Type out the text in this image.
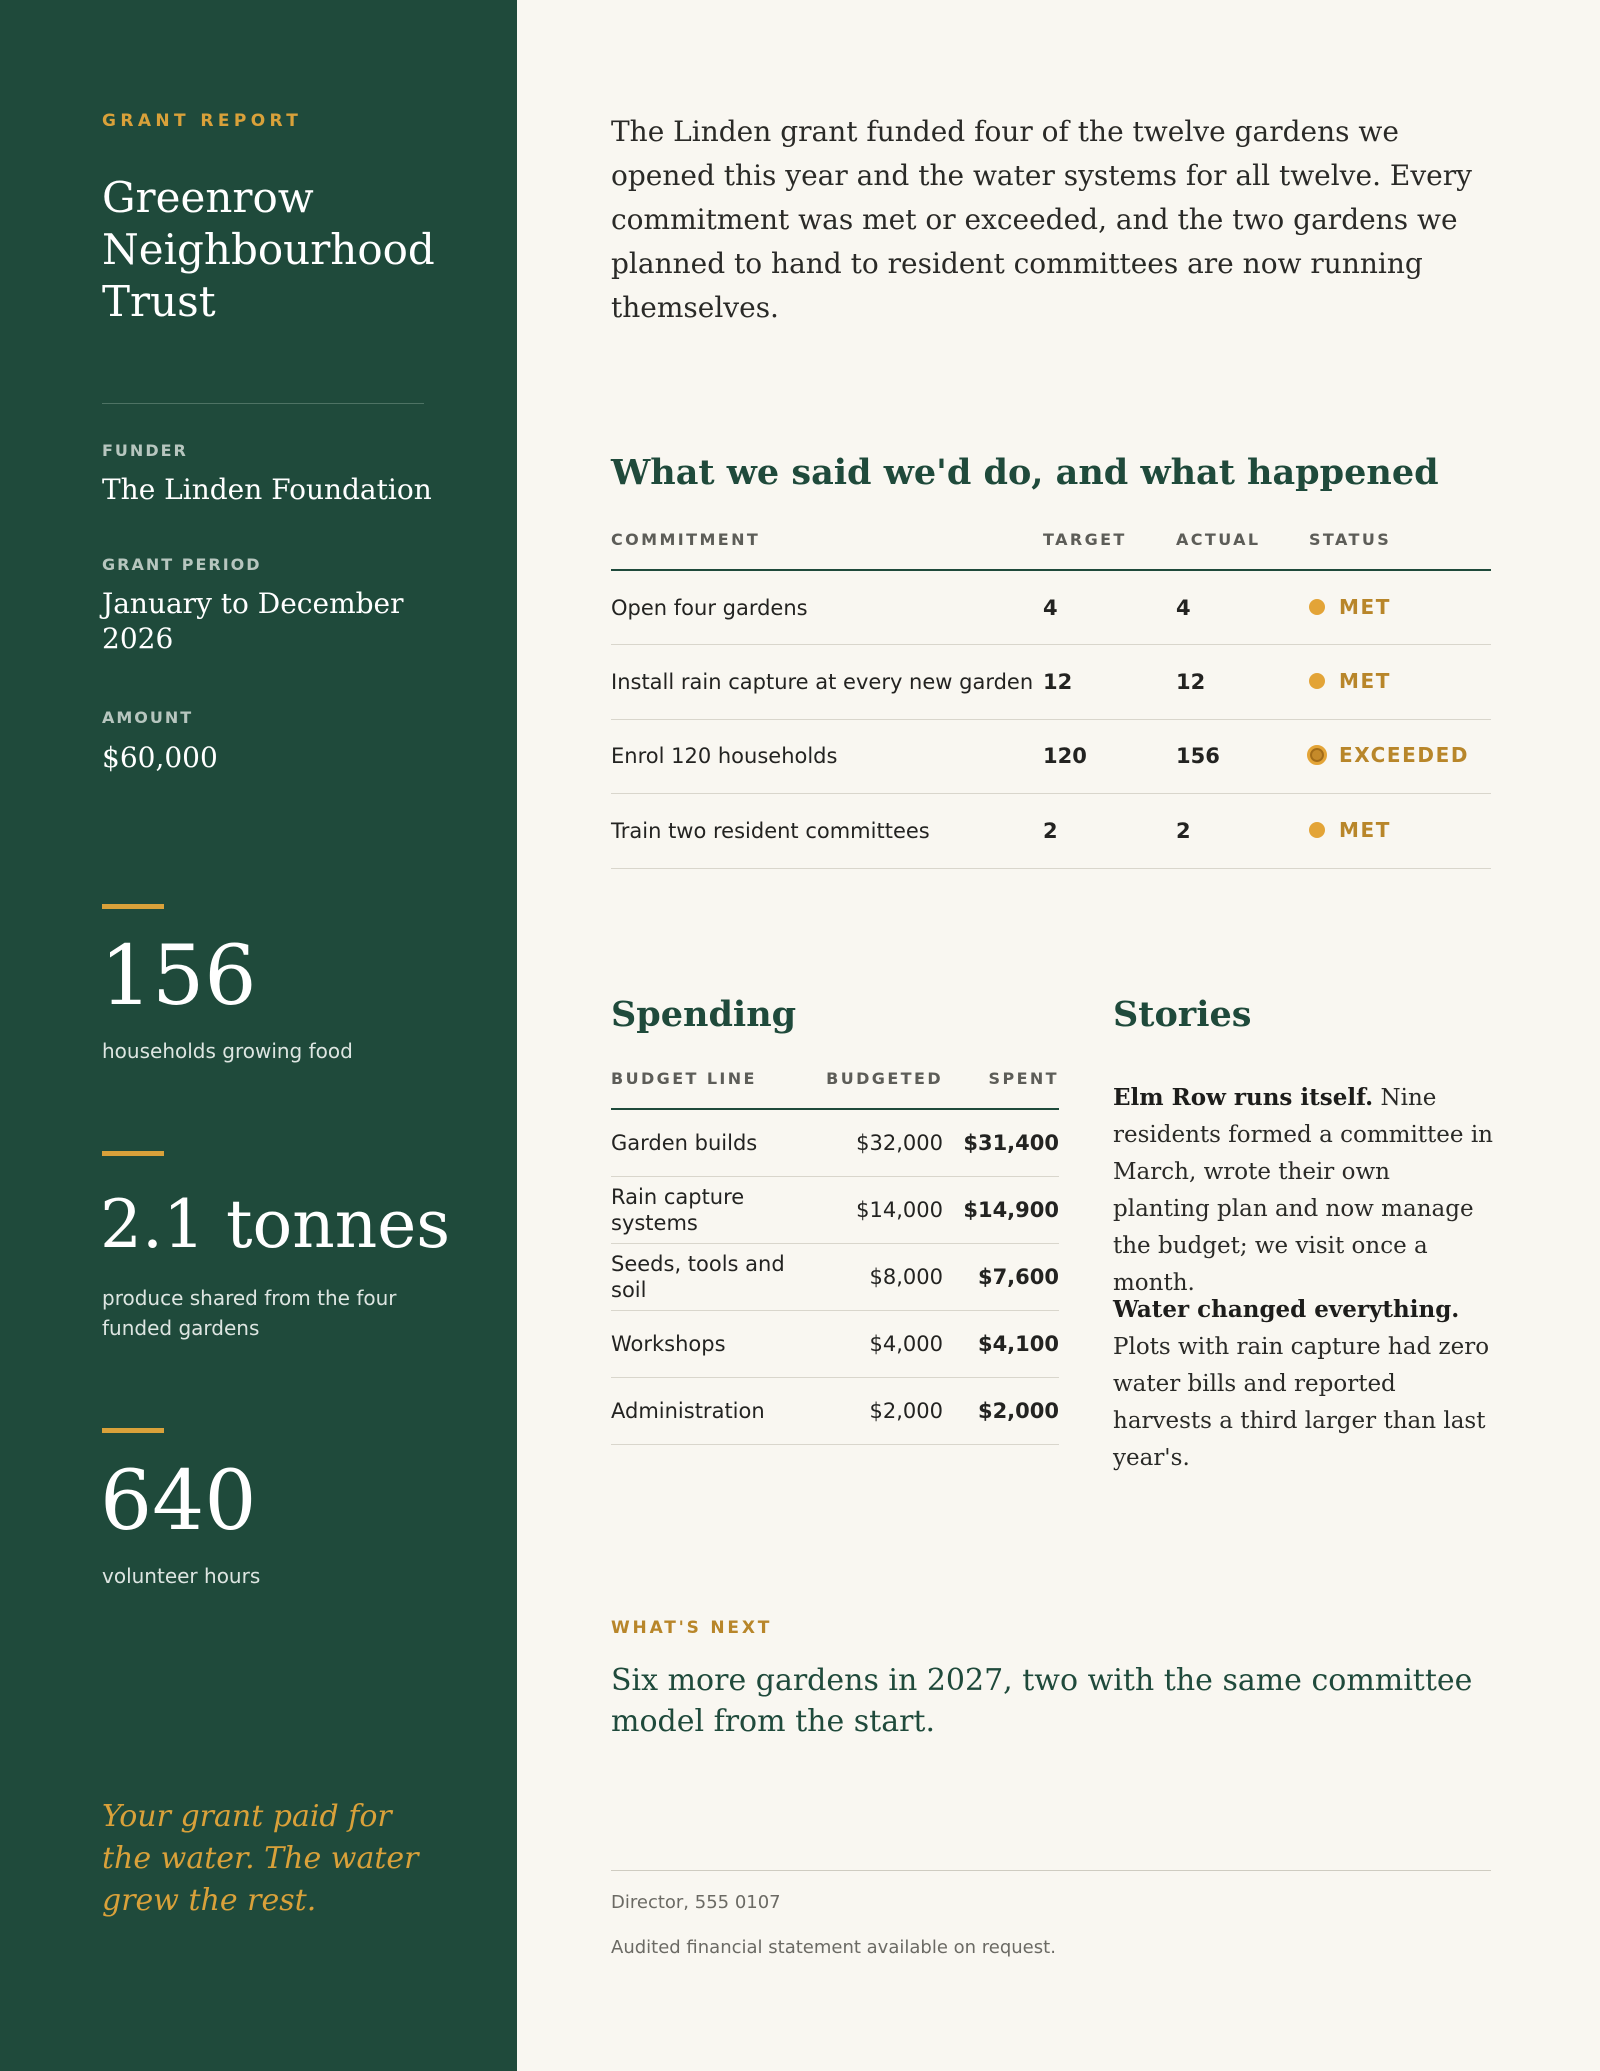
GRANT REPORT
Greenrow Neighbourhood Trust
FUNDER
The Linden Foundation
GRANT PERIOD
January to December 2026
AMOUNT
$60,000
156
households growing food
2.1 tonnes
produce shared from the four funded gardens
640
volunteer hours
Your grant paid for the water. The water grew the rest.
The Linden grant funded four of the twelve gardens we opened this year and the water systems for all twelve. Every commitment was met or exceeded, and the two gardens we planned to hand to resident committees are now running themselves.
What we said we'd do, and what happened
COMMITMENT	TARGET	ACTUAL	STATUS
Open four gardens	4	4	MET

Install rain capture at every new garden	12	12	MET

Enrol 120 households	120	156	EXCEEDED

Train two resident committees	2	2	MET
Spending
BUDGET LINE	BUDGETED	SPENT
Garden builds	$32,000	$31,400
Rain capture systems	$14,000	$14,900
Seeds, tools and soil	$8,000	$7,600
Workshops	$4,000	$4,100
Administration	$2,000	$2,000
Stories
Elm Row runs itself. Nine residents formed a committee in March, wrote their own planting plan and now manage the budget; we visit once a month.
Water changed everything. Plots with rain capture had zero water bills and reported harvests a third larger than last year's.
WHAT'S NEXT
Six more gardens in 2027, two with the same committee model from the start.
Director, 555 0107
Audited financial statement available on request.
